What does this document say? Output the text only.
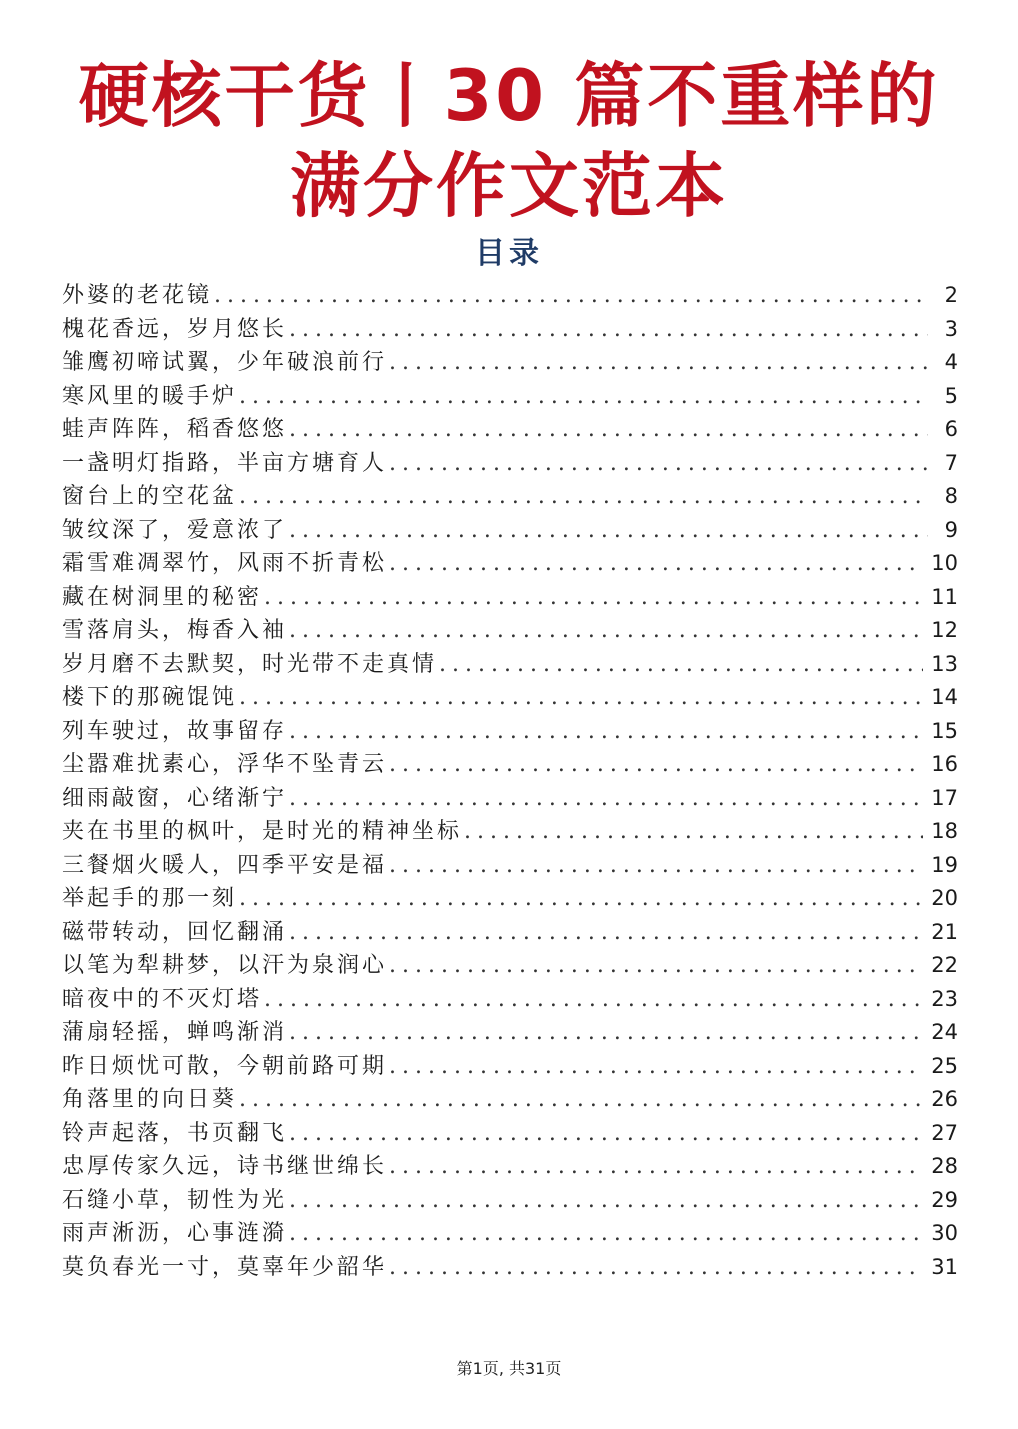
硬核干货丨30 篇不重样的
满分作文范本
目录
外婆的老花镜 .....	2
槐花香远，岁月悠长 .....	3
雏鹰初啼试翼，少年破浪前行 .....	4
寒风里的暖手炉 .....	5
蛙声阵阵，稻香悠悠 .....	6
一盏明灯指路，半亩方塘育人 .....	7
窗台上的空花盆 .....	8
皱纹深了，爱意浓了 .....	9
霜雪难凋翠竹，风雨不折青松 .....	10
藏在树洞里的秘密 .....	11
雪落肩头，梅香入袖 .....	12
岁月磨不去默契，时光带不走真情 .....	13
楼下的那碗馄饨 .....	14
列车驶过，故事留存 .....	15
尘嚣难扰素心，浮华不坠青云 .....	16
细雨敲窗，心绪渐宁 .....	17
夹在书里的枫叶，是时光的精神坐标 .....	18
三餐烟火暖人，四季平安是福 .....	19
举起手的那一刻 .....	20
磁带转动，回忆翻涌 .....	21
以笔为犁耕梦，以汗为泉润心 .....	22
暗夜中的不灭灯塔 .....	23
蒲扇轻摇，蝉鸣渐消 .....	24
昨日烦忧可散，今朝前路可期 .....	25
角落里的向日葵 .....	26
铃声起落，书页翻飞 .....	27
忠厚传家久远，诗书继世绵长 .....	28
石缝小草，韧性为光 .....	29
雨声淅沥，心事涟漪 .....	30
莫负春光一寸，莫辜年少韶华 .....	31
第1页, 共31页
